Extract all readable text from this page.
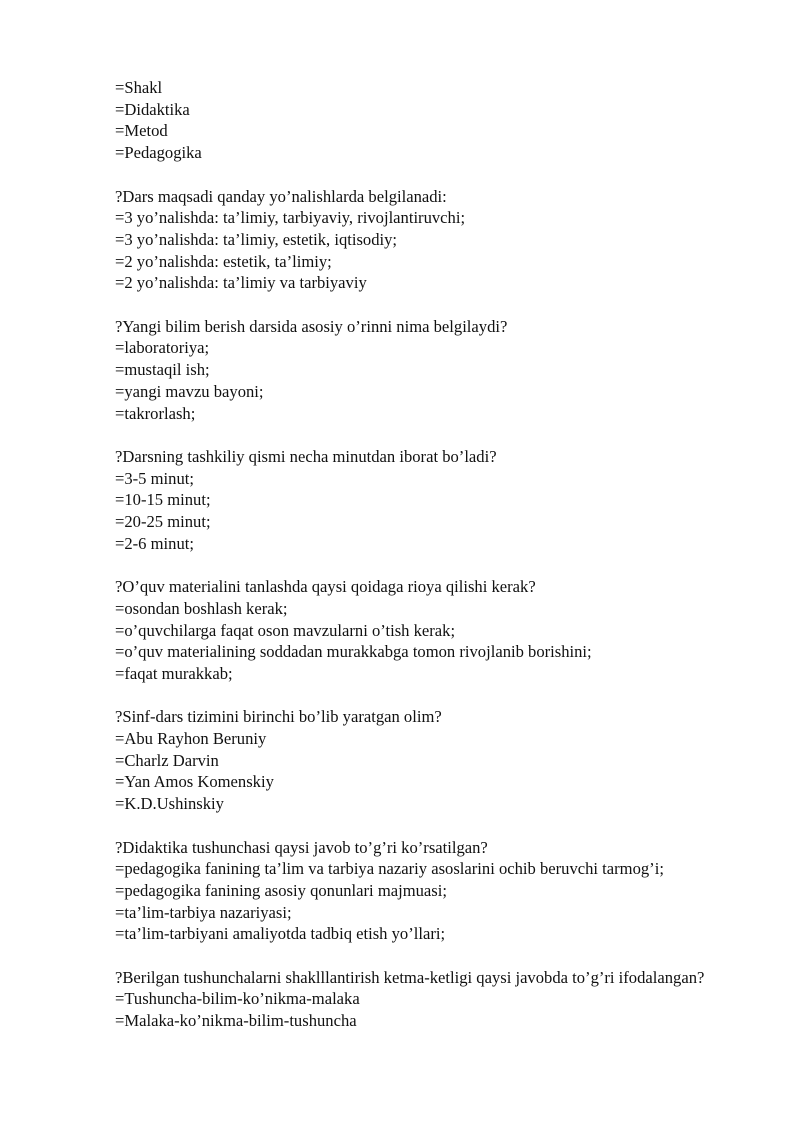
=Shakl
=Didaktika
=Metod
=Pedagogika
?Dars maqsadi qanday yo’nalishlarda belgilanadi:
=3 yo’nalishda: ta’limiy, tarbiyaviy, rivojlantiruvchi;
=3 yo’nalishda: ta’limiy, estetik, iqtisodiy;
=2 yo’nalishda: estetik, ta’limiy;
=2 yo’nalishda: ta’limiy va tarbiyaviy
?Yangi bilim berish darsida asosiy o’rinni nima belgilaydi?
=laboratoriya;
=mustaqil ish;
=yangi mavzu bayoni;
=takrorlash;
?Darsning tashkiliy qismi necha minutdan iborat bo’ladi?
=3-5 minut;
=10-15 minut;
=20-25 minut;
=2-6 minut;
?O’quv materialini tanlashda qaysi qoidaga rioya qilishi kerak?
=osondan boshlash kerak;
=o’quvchilarga faqat oson mavzularni o’tish kerak;
=o’quv materialining soddadan murakkabga tomon rivojlanib borishini;
=faqat murakkab;
?Sinf-dars tizimini birinchi bo’lib yaratgan olim?
=Abu Rayhon Beruniy
=Charlz Darvin
=Yan Amos Komenskiy
=K.D.Ushinskiy
?Didaktika tushunchasi qaysi javob to’g’ri ko’rsatilgan?
=pedagogika fanining ta’lim va tarbiya nazariy asoslarini ochib beruvchi tarmog’i;
=pedagogika fanining asosiy qonunlari majmuasi;
=ta’lim-tarbiya nazariyasi;
=ta’lim-tarbiyani amaliyotda tadbiq etish yo’llari;
?Berilgan tushunchalarni shaklllantirish ketma-ketligi qaysi javobda to’g’ri ifodalangan?
=Tushuncha-bilim-ko’nikma-malaka
=Malaka-ko’nikma-bilim-tushuncha
